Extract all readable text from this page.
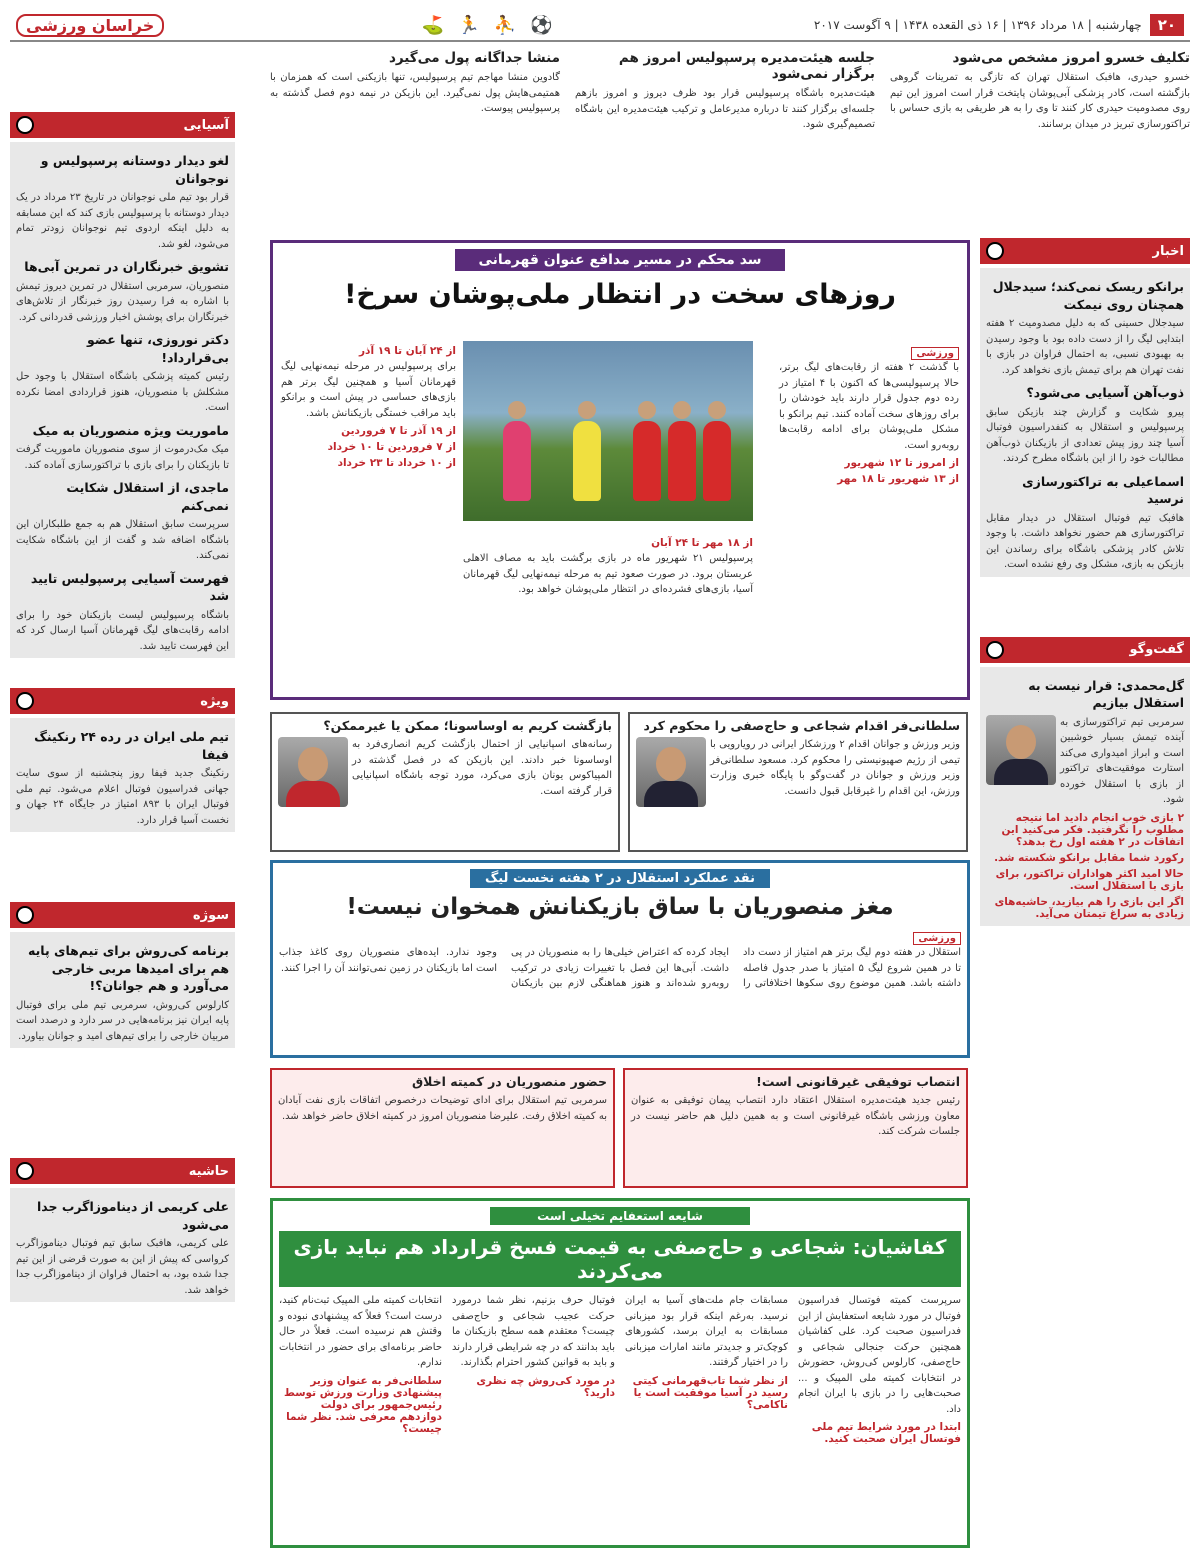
۲۰
چهارشنبه | ۱۸ مرداد ۱۳۹۶ | ۱۶ ذی القعده ۱۴۳۸ | ۹ آگوست ۲۰۱۷
⚽ ⛹ 🏃 ⛳
خراسان ورزشی
تکلیف خسرو امروز مشخص می‌شود

خسرو حیدری، هافبک استقلال تهران که تازگی به تمرینات گروهی بازگشته است، کادر پزشکی آبی‌پوشان پایتخت قرار است امروز این تیم روی مصدومیت حیدری کار کنند تا وی را به هر طریقی به بازی حساس با تراکتورسازی تبریز در میدان برسانند.

جلسه هیئت‌مدیره پرسپولیس امروز هم برگزار نمی‌شود

هیئت‌مدیره باشگاه پرسپولیس قرار بود ظرف دیروز و امروز بازهم جلسه‌ای برگزار کنند تا درباره مدیرعامل و ترکیب هیئت‌مدیره این باشگاه تصمیم‌گیری شود.

منشا جداگانه پول می‌گیرد

گادوین منشا مهاجم تیم پرسپولیس، تنها بازیکنی است که همزمان با همتیمی‌هایش پول نمی‌گیرد. این بازیکن در نیمه دوم فصل گذشته به پرسپولیس پیوست.

آسیایی
لغو دیدار دوستانه پرسپولیس و نوجوانان

قرار بود تیم ملی نوجوانان در تاریخ ۲۳ مرداد در یک دیدار دوستانه با پرسپولیس بازی کند که این مسابقه به دلیل اینکه اردوی تیم نوجوانان زودتر تمام می‌شود، لغو شد.

تشویق خبرنگاران در تمرین آبی‌ها

منصوریان، سرمربی استقلال در تمرین دیروز تیمش با اشاره به فرا رسیدن روز خبرنگار از تلاش‌های خبرنگاران برای پوشش اخبار ورزشی قدردانی کرد.

دکتر نوروزی، تنها عضو بی‌قرارداد!

رئیس کمیته پزشکی باشگاه استقلال با وجود حل مشکلش با منصوریان، هنوز قراردادی امضا نکرده است.

ماموریت ویژه منصوریان به میک

میک مک‌درموت از سوی منصوریان ماموریت گرفت تا بازیکنان را برای بازی با تراکتورسازی آماده کند.

ماجدی، از استقلال شکایت نمی‌کنم

سرپرست سابق استقلال هم به جمع طلبکاران این باشگاه اضافه شد و گفت از این باشگاه شکایت نمی‌کند.

فهرست آسیایی پرسپولیس تایید شد

باشگاه پرسپولیس لیست بازیکنان خود را برای ادامه رقابت‌های لیگ قهرمانان آسیا ارسال کرد که این فهرست تایید شد.

ویژه
تیم ملی ایران در رده ۲۴ رنکینگ فیفا

رنکینگ جدید فیفا روز پنجشنبه از سوی سایت جهانی فدراسیون فوتبال اعلام می‌شود. تیم ملی فوتبال ایران با ۸۹۳ امتیاز در جایگاه ۲۴ جهان و نخست آسیا قرار دارد.

سوژه
برنامه کی‌روش برای تیم‌های پایه هم برای امیدها مربی خارجی می‌آورد و هم جوانان؟!

کارلوس کی‌روش، سرمربی تیم ملی برای فوتبال پایه ایران نیز برنامه‌هایی در سر دارد و درصدد است مربیان خارجی را برای تیم‌های امید و جوانان بیاورد.

حاشیه
علی کریمی از دیناموزاگرب جدا می‌شود

علی کریمی، هافبک سابق تیم فوتبال دیناموزاگرب کرواسی که پیش از این به صورت قرضی از این تیم جدا شده بود، به احتمال فراوان از دیناموزاگرب جدا خواهد شد.

اخبار
برانکو ریسک نمی‌کند؛ سیدجلال همچنان روی نیمکت

سیدجلال حسینی که به دلیل مصدومیت ۲ هفته ابتدایی لیگ را از دست داده بود با وجود رسیدن به بهبودی نسبی، به احتمال فراوان در بازی با نفت تهران هم برای تیمش بازی نخواهد کرد.

ذوب‌آهن آسیایی می‌شود؟

پیرو شکایت و گزارش چند بازیکن سابق پرسپولیس و استقلال به کنفدراسیون فوتبال آسیا چند روز پیش تعدادی از بازیکنان ذوب‌آهن مطالبات خود را از این باشگاه مطرح کردند.

اسماعیلی به تراکتورسازی نرسید

هافبک تیم فوتبال استقلال در دیدار مقابل تراکتورسازی هم حضور نخواهد داشت. با وجود تلاش کادر پزشکی باشگاه برای رساندن این بازیکن به بازی، مشکل وی رفع نشده است.

گفت‌و‌گو
گل‌محمدی: قرار نیست به استقلال بیازیم

سرمربی تیم تراکتورسازی به آینده تیمش بسیار خوشبین است و ابراز امیدواری می‌کند استارت موفقیت‌های تراکتور از بازی با استقلال خورده شود.

۲ بازی خوب انجام دادید اما نتیجه مطلوب را نگرفتید. فکر می‌کنید این اتفاقات در ۲ هفته اول رخ بدهد؟
رکورد شما مقابل برانکو شکسته شد.
حالا امید اکثر هواداران تراکتور، برای بازی با استقلال است.
اگر این بازی را هم بیازید، حاشیه‌های زیادی به سراغ تیمتان می‌آید.
سد محکم در مسیر مدافع عنوان قهرمانی
روزهای سخت در انتظار ملی‌پوشان سرخ!
ورزشی

با گذشت ۲ هفته از رقابت‌های لیگ برتر، حالا پرسپولیسی‌ها که اکنون با ۴ امتیاز در رده دوم جدول قرار دارند باید خودشان را برای روزهای سخت آماده کنند. تیم برانکو با مشکل ملی‌پوشان برای ادامه رقابت‌ها روبه‌رو است.

از امروز تا ۱۲ شهریور
از ۱۳ شهریور تا ۱۸ مهر
از ۲۴ آبان تا ۱۹ آذر

برای پرسپولیس در مرحله نیمه‌نهایی لیگ قهرمانان آسیا و همچنین لیگ برتر هم بازی‌های حساسی در پیش است و برانکو باید مراقب خستگی بازیکنانش باشد.

از ۱۹ آذر تا ۷ فروردین
از ۷ فروردین تا ۱۰ خرداد
از ۱۰ خرداد تا ۲۳ خرداد
از ۱۸ مهر تا ۲۴ آبان

پرسپولیس ۲۱ شهریور ماه در بازی برگشت باید به مصاف الاهلی عربستان برود. در صورت صعود تیم به مرحله نیمه‌نهایی لیگ قهرمانان آسیا، بازی‌های فشرده‌ای در انتظار ملی‌پوشان خواهد بود.

سلطانی‌فر اقدام شجاعی و حاج‌صفی را محکوم کرد

وزیر ورزش و جوانان اقدام ۲ ورزشکار ایرانی در رویارویی با تیمی از رژیم صهیونیستی را محکوم کرد. مسعود سلطانی‌فر وزیر ورزش و جوانان در گفت‌وگو با پایگاه خبری وزارت ورزش، این اقدام را غیرقابل قبول دانست.

بازگشت کریم به اوساسونا؛ ممکن یا غیرممکن؟

رسانه‌های اسپانیایی از احتمال بازگشت کریم انصاری‌فرد به اوساسونا خبر دادند. این بازیکن که در فصل گذشته در المپیاکوس یونان بازی می‌کرد، مورد توجه باشگاه اسپانیایی قرار گرفته است.

نقد عملکرد استقلال در ۲ هفته نخست لیگ
مغز منصوریان با ساق بازیکنانش همخوان نیست!
ورزشی

استقلال در هفته دوم لیگ برتر هم امتیاز از دست داد تا در همین شروع لیگ ۵ امتیاز با صدر جدول فاصله داشته باشد. همین موضوع روی سکوها اختلافاتی را ایجاد کرده که اعتراض خیلی‌ها را به منصوریان در پی داشت. آبی‌ها این فصل با تغییرات زیادی در ترکیب روبه‌رو شده‌اند و هنوز هماهنگی لازم بین بازیکنان وجود ندارد. ایده‌های منصوریان روی کاغذ جذاب است اما بازیکنان در زمین نمی‌توانند آن را اجرا کنند.

انتصاب توفیقی غیرقانونی است!

رئیس جدید هیئت‌مدیره استقلال اعتقاد دارد انتصاب پیمان توفیقی به عنوان معاون ورزشی باشگاه غیرقانونی است و به همین دلیل هم حاضر نیست در جلسات شرکت کند.

حضور منصوریان در کمیته اخلاق

سرمربی تیم استقلال برای ادای توضیحات درخصوص اتفاقات بازی نفت آبادان به کمیته اخلاق رفت. علیرضا منصوریان امروز در کمیته اخلاق حاضر خواهد شد.

شایعه استعفایم تخیلی است
کفاشیان: شجاعی و حاج‌صفی به قیمت فسخ قرارداد هم نباید بازی می‌کردند

سرپرست کمیته فوتسال فدراسیون فوتبال در مورد شایعه استعفایش از این فدراسیون صحبت کرد. علی کفاشیان همچنین حرکت جنجالی شجاعی و حاج‌صفی، کارلوس کی‌روش، حضورش در انتخابات کمیته ملی المپیک و ... صحبت‌هایی را در بازی با ایران انجام داد.

ابتدا در مورد شرایط تیم ملی فوتسال ایران صحبت کنید.

مسابقات جام ملت‌های آسیا به ایران نرسید. به‌رغم اینکه قرار بود میزبانی مسابقات به ایران برسد، کشورهای کوچک‌تر و جدیدتر مانند امارات میزبانی را در اختیار گرفتند.

از نظر شما تاب‌قهرمانی کیتی رسید در آسیا موفقیت است یا ناکامی؟

فوتبال حرف بزنیم، نظر شما درمورد حرکت عجیب شجاعی و حاج‌صفی چیست؟ معتقدم همه سطح بازیکنان ما باید بدانند که در چه شرایطی قرار دارند و باید به قوانین کشور احترام بگذارند.

در مورد کی‌روش چه نظری دارید؟

انتخابات کمیته ملی المپیک ثبت‌نام کنید، درست است؟ فعلاً که پیشنهادی نبوده و وقتش هم نرسیده است. فعلاً در حال حاضر برنامه‌ای برای حضور در انتخابات ندارم.

سلطانی‌فر به عنوان وزیر پیشنهادی وزارت ورزش توسط رئیس‌جمهور برای دولت دوازدهم معرفی شد. نظر شما چیست؟
